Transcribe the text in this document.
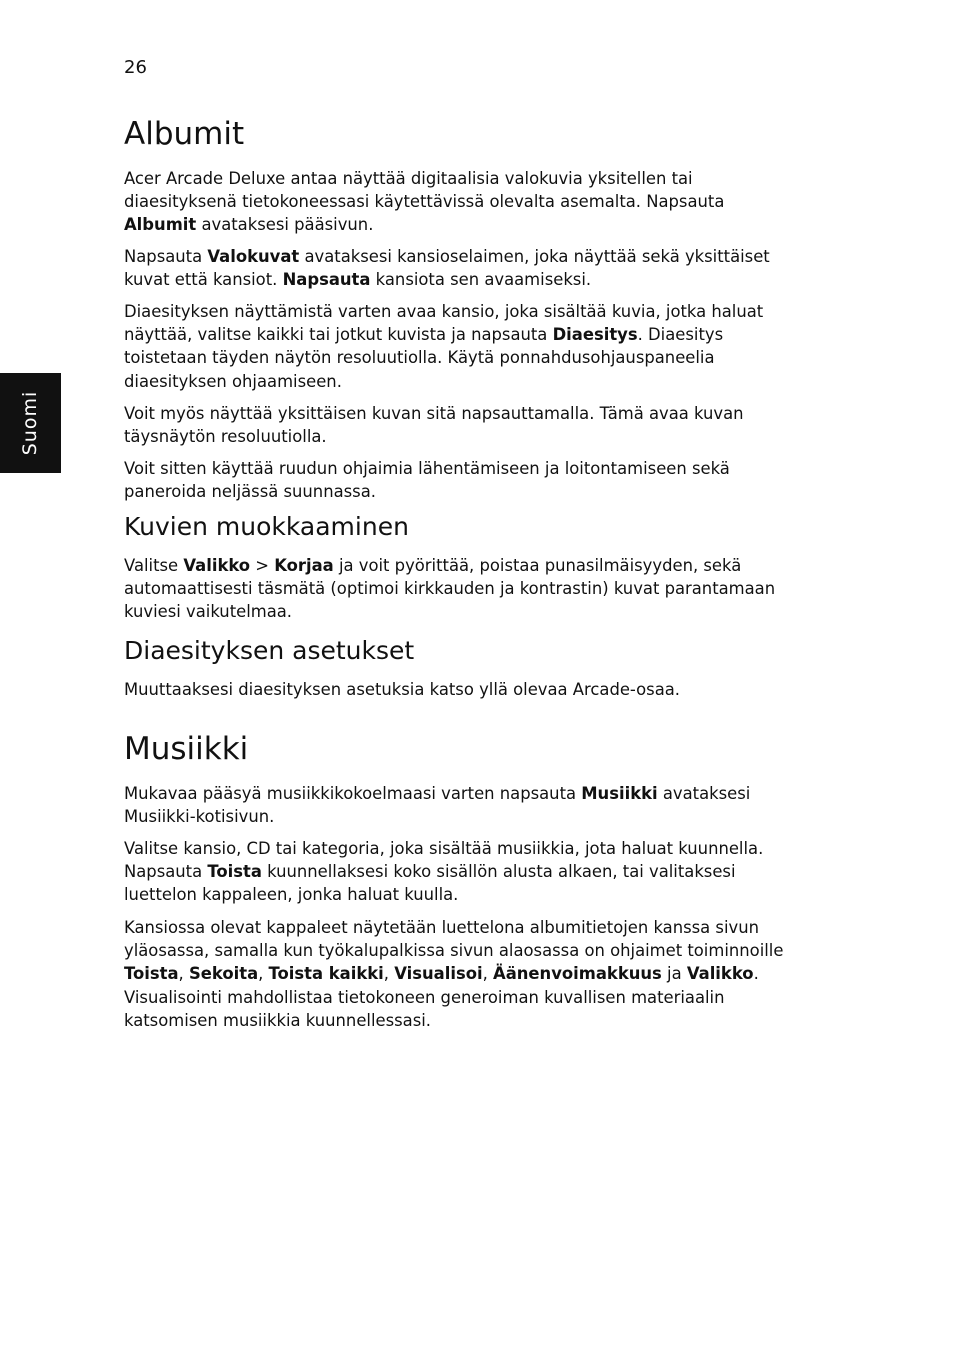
26
Suomi
Albumit

Acer Arcade Deluxe antaa näyttää digitaalisia valokuvia yksitellen tai
diaesityksenä tietokoneessasi käytettävissä olevalta asemalta. Napsauta
Albumit avataksesi pääsivun.

Napsauta Valokuvat avataksesi kansioselaimen, joka näyttää sekä yksittäiset
kuvat että kansiot. Napsauta kansiota sen avaamiseksi.

Diaesityksen näyttämistä varten avaa kansio, joka sisältää kuvia, jotka haluat
näyttää, valitse kaikki tai jotkut kuvista ja napsauta Diaesitys. Diaesitys
toistetaan täyden näytön resoluutiolla. Käytä ponnahdusohjauspaneelia
diaesityksen ohjaamiseen.

Voit myös näyttää yksittäisen kuvan sitä napsauttamalla. Tämä avaa kuvan
täysnäytön resoluutiolla.

Voit sitten käyttää ruudun ohjaimia lähentämiseen ja loitontamiseen sekä
paneroida neljässä suunnassa.

Kuvien muokkaaminen

Valitse Valikko > Korjaa ja voit pyörittää, poistaa punasilmäisyyden, sekä
automaattisesti täsmätä (optimoi kirkkauden ja kontrastin) kuvat parantamaan
kuviesi vaikutelmaa.

Diaesityksen asetukset

Muuttaaksesi diaesityksen asetuksia katso yllä olevaa Arcade-osaa.

Musiikki

Mukavaa pääsyä musiikkikokoelmaasi varten napsauta Musiikki avataksesi
Musiikki-kotisivun.

Valitse kansio, CD tai kategoria, joka sisältää musiikkia, jota haluat kuunnella.
Napsauta Toista kuunnellaksesi koko sisällön alusta alkaen, tai valitaksesi
luettelon kappaleen, jonka haluat kuulla.

Kansiossa olevat kappaleet näytetään luettelona albumitietojen kanssa sivun
yläosassa, samalla kun työkalupalkissa sivun alaosassa on ohjaimet toiminnoille
Toista, Sekoita, Toista kaikki, Visualisoi, Äänenvoimakkuus ja Valikko.
Visualisointi mahdollistaa tietokoneen generoiman kuvallisen materiaalin
katsomisen musiikkia kuunnellessasi.
